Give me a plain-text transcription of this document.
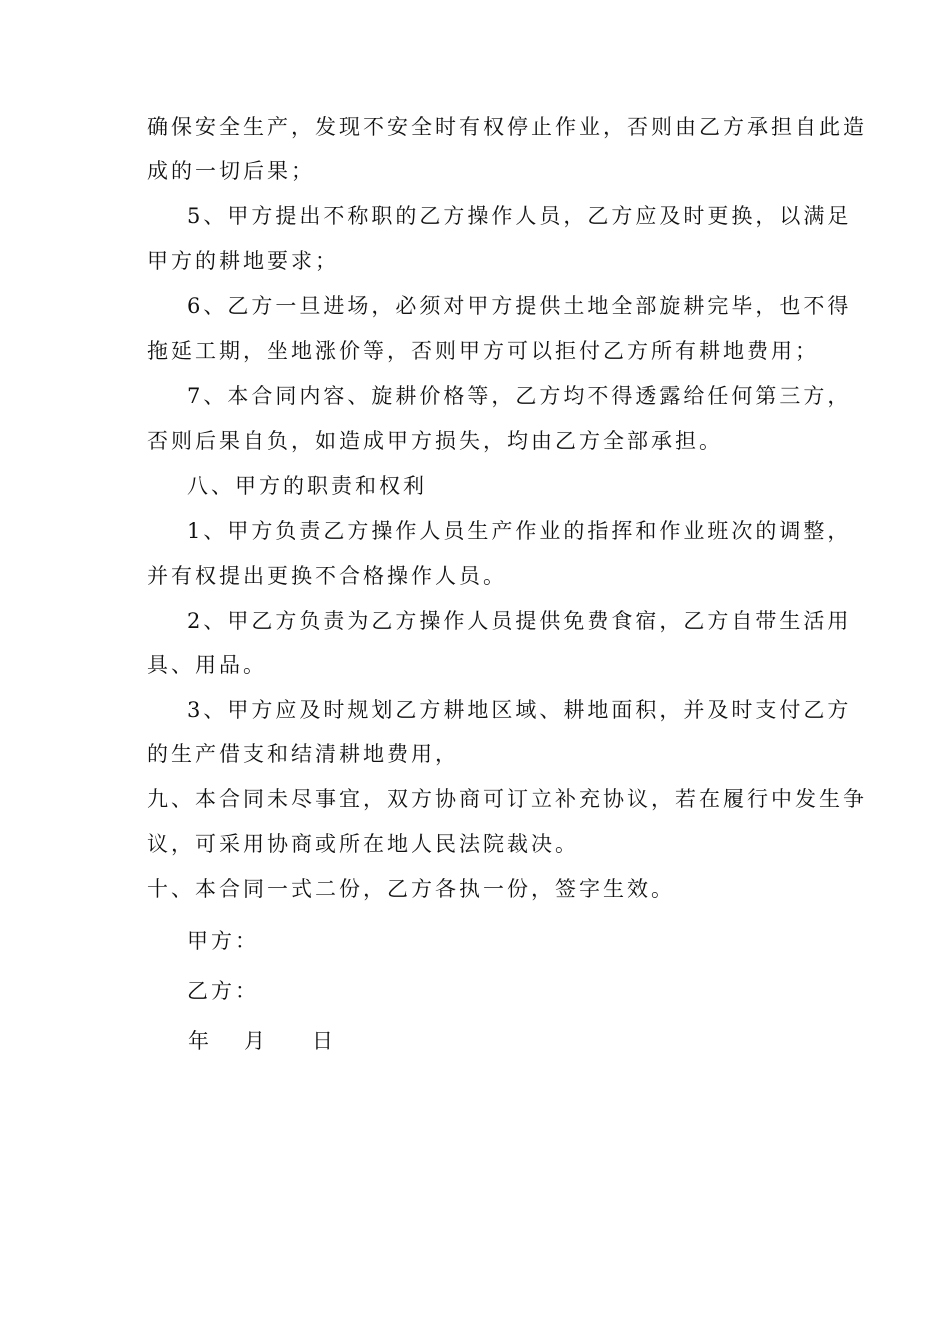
确保安全生产，发现不安全时有权停止作业，否则由乙方承担自此造
成的一切后果；
5、甲方提出不称职的乙方操作人员，乙方应及时更换，以满足
甲方的耕地要求；
6、乙方一旦进场，必须对甲方提供土地全部旋耕完毕，也不得
拖延工期，坐地涨价等，否则甲方可以拒付乙方所有耕地费用；
7、本合同内容、旋耕价格等，乙方均不得透露给任何第三方，
否则后果自负，如造成甲方损失，均由乙方全部承担。
八、甲方的职责和权利
1、甲方负责乙方操作人员生产作业的指挥和作业班次的调整，
并有权提出更换不合格操作人员。
2、甲乙方负责为乙方操作人员提供免费食宿，乙方自带生活用
具、用品。
3、甲方应及时规划乙方耕地区域、耕地面积，并及时支付乙方
的生产借支和结清耕地费用，
九、本合同未尽事宜，双方协商可订立补充协议，若在履行中发生争
议，可采用协商或所在地人民法院裁决。
十、本合同一式二份，乙方各执一份，签字生效。
甲方：
乙方：
年 月 日
